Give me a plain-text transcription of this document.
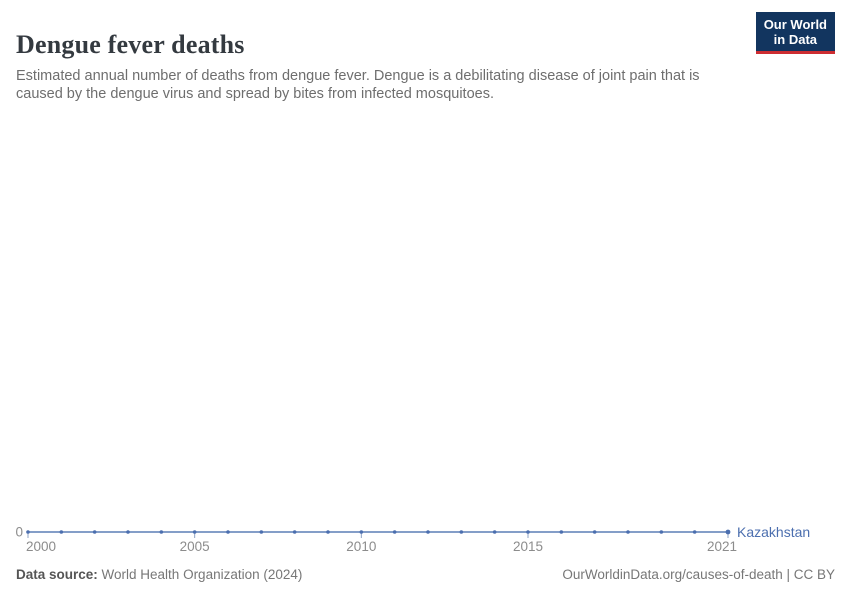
Dengue fever deaths

Estimated annual number of deaths from dengue fever. Dengue is a debilitating disease of joint pain that is caused by the dengue virus and spread by bites from infected mosquitoes.

Our World
in Data
2000	2005	2010	2015	2021
0	Kazakhstan
Data source: World Health Organization (2024)	OurWorldinData.org/causes-of-death | CC BY
